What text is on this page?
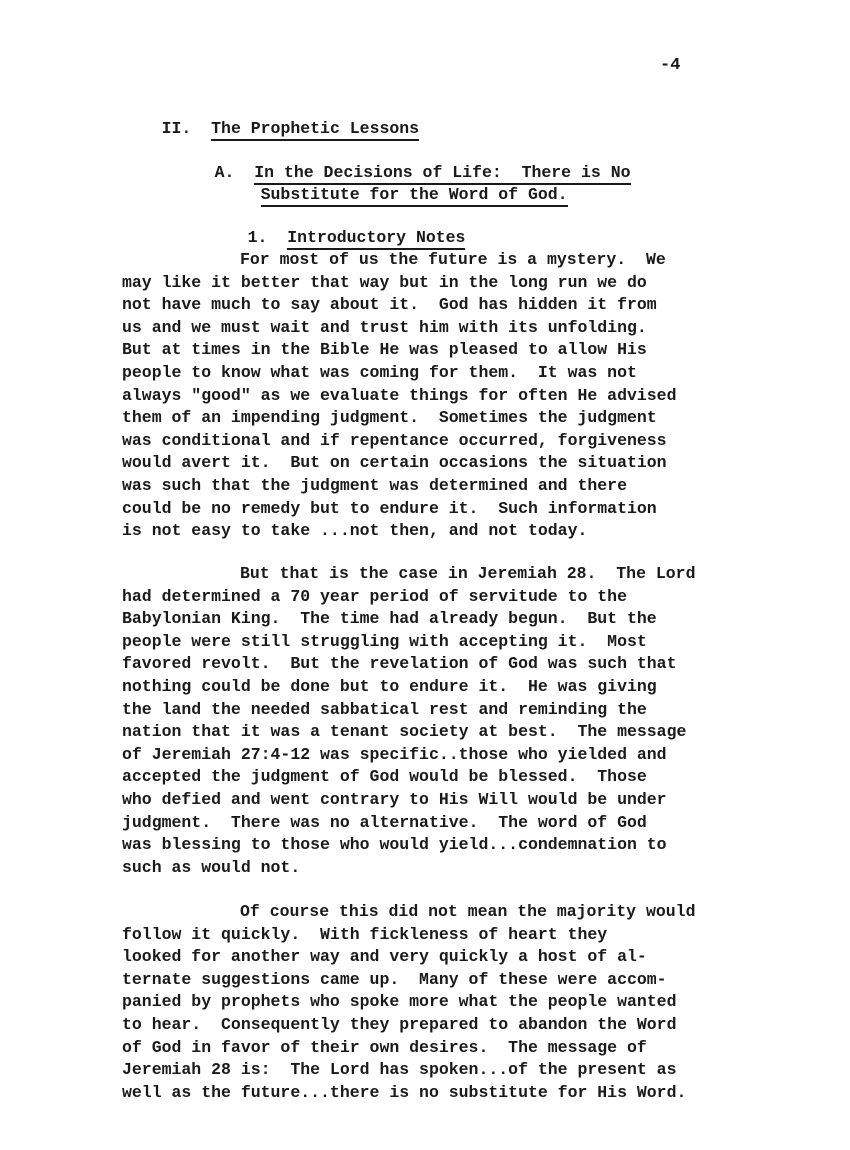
-4

II. The Prophetic Lessons

A. In the Decisions of Life:  There is No

Substitute for the Word of God.

1. Introductory Notes

For most of us the future is a mystery.  We
may like it better that way but in the long run we do
not have much to say about it.  God has hidden it from
us and we must wait and trust him with its unfolding.
But at times in the Bible He was pleased to allow His
people to know what was coming for them.  It was not
always "good" as we evaluate things for often He advised
them of an impending judgment.  Sometimes the judgment
was conditional and if repentance occurred, forgiveness
would avert it.  But on certain occasions the situation
was such that the judgment was determined and there
could be no remedy but to endure it.  Such information
is not easy to take ...not then, and not today.
But that is the case in Jeremiah 28.  The Lord
had determined a 70 year period of servitude to the
Babylonian King.  The time had already begun.  But the
people were still struggling with accepting it.  Most
favored revolt.  But the revelation of God was such that
nothing could be done but to endure it.  He was giving
the land the needed sabbatical rest and reminding the
nation that it was a tenant society at best.  The message
of Jeremiah 27:4-12 was specific..those who yielded and
accepted the judgment of God would be blessed.  Those
who defied and went contrary to His Will would be under
judgment.  There was no alternative.  The word of God
was blessing to those who would yield...condemnation to
such as would not.
Of course this did not mean the majority would
follow it quickly.  With fickleness of heart they
looked for another way and very quickly a host of al-
ternate suggestions came up.  Many of these were accom-
panied by prophets who spoke more what the people wanted
to hear.  Consequently they prepared to abandon the Word
of God in favor of their own desires.  The message of
Jeremiah 28 is:  The Lord has spoken...of the present as
well as the future...there is no substitute for His Word.
